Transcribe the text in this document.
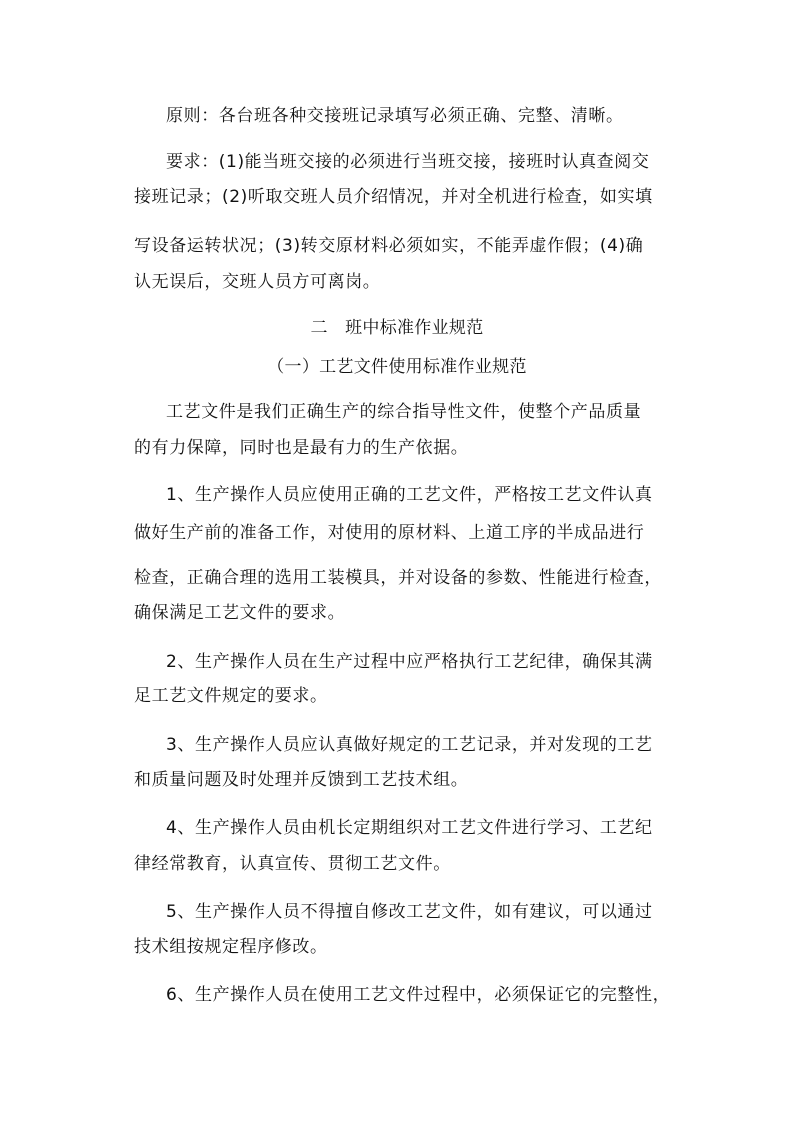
原则：各台班各种交接班记录填写必须正确、完整、清晰。
要求：(1)能当班交接的必须进行当班交接，接班时认真查阅交
接班记录；(2)听取交班人员介绍情况，并对全机进行检查，如实填
写设备运转状况；(3)转交原材料必须如实，不能弄虚作假；(4)确
认无误后，交班人员方可离岗。
二　班中标准作业规范
（一）工艺文件使用标准作业规范
工艺文件是我们正确生产的综合指导性文件，使整个产品质量
的有力保障，同时也是最有力的生产依据。
1、生产操作人员应使用正确的工艺文件，严格按工艺文件认真
做好生产前的准备工作，对使用的原材料、上道工序的半成品进行
检查，正确合理的选用工装模具，并对设备的参数、性能进行检查，
确保满足工艺文件的要求。
2、生产操作人员在生产过程中应严格执行工艺纪律，确保其满
足工艺文件规定的要求。
3、生产操作人员应认真做好规定的工艺记录，并对发现的工艺
和质量问题及时处理并反馈到工艺技术组。
4、生产操作人员由机长定期组织对工艺文件进行学习、工艺纪
律经常教育，认真宣传、贯彻工艺文件。
5、生产操作人员不得擅自修改工艺文件，如有建议，可以通过
技术组按规定程序修改。
6、生产操作人员在使用工艺文件过程中，必须保证它的完整性，
